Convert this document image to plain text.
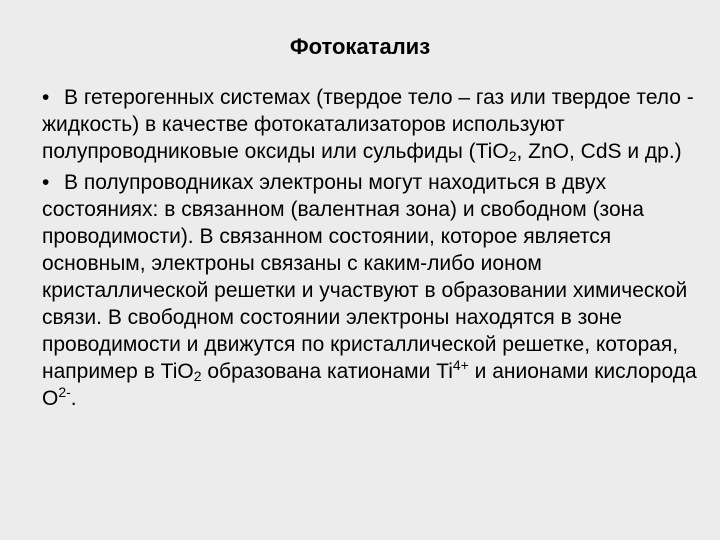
Фотокатализ

• В гетерогенных системах (твердое тело – газ или твердое тело - жидкость) в качестве фотокатализаторов используют полупроводниковые оксиды или сульфиды (TiO$_2$, ZnO, CdS и др.)

• В полупроводниках электроны могут находиться в двух состояниях: в связанном (валентная зона) и свободном (зона проводимости). В связанном состоянии, которое является основным, электроны связаны с каким-либо ионом кристаллической решетки и участвуют в образовании химической связи. В свободном состоянии электроны находятся в зоне проводимости и движутся по кристаллической решетке, которая, например в TiO$_2$ образована катионами $Ti^{4+}$ и анионами кислорода $O^{2-}$.
